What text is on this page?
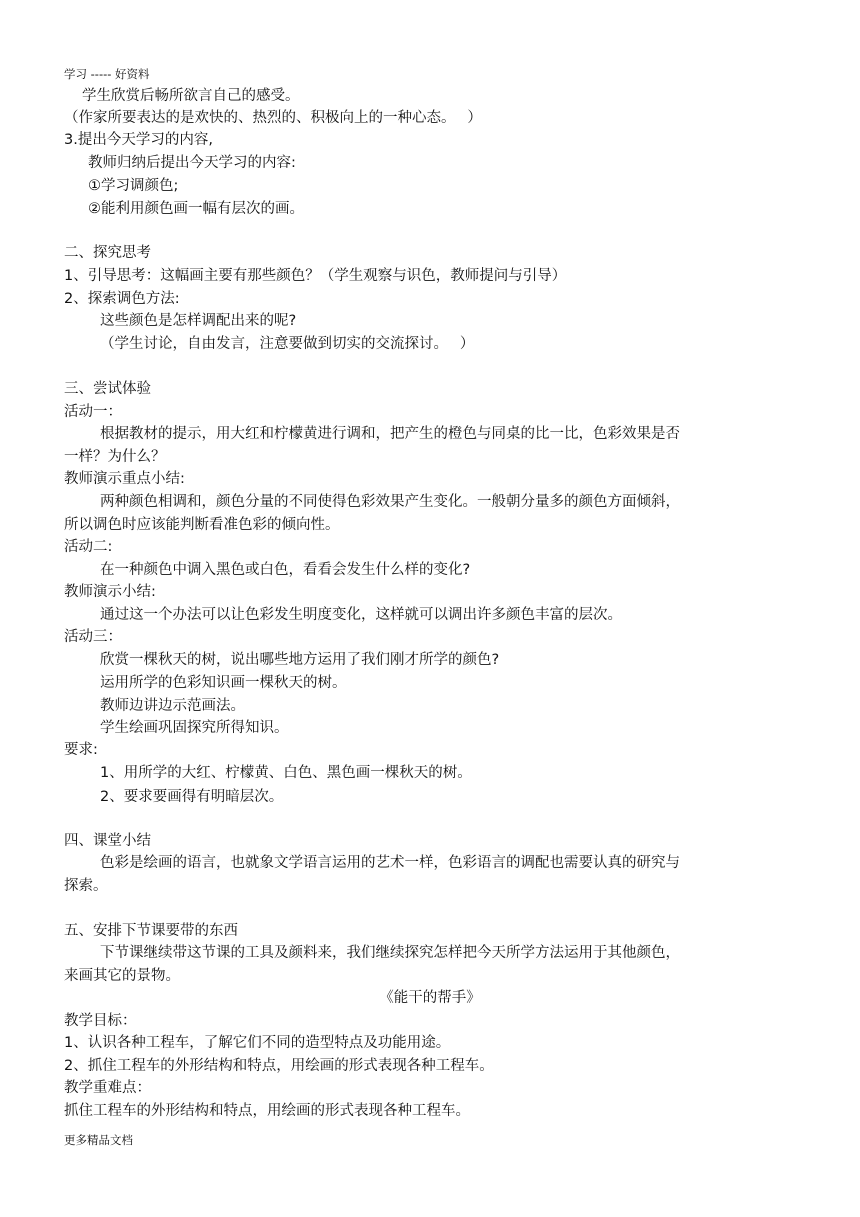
学习 ----- 好资料
学生欣赏后畅所欲言自己的感受。
（作家所要表达的是欢快的、热烈的、积极向上的一种心态。　 ）
3.提出今天学习的内容,
教师归纳后提出今天学习的内容:
①学习调颜色;
②能利用颜色画一幅有层次的画。
二、探究思考
1、引导思考：这幅画主要有那些颜色？（学生观察与识色，教师提问与引导）
2、探索调色方法:
这些颜色是怎样调配出来的呢?
（学生讨论，自由发言，注意要做到切实的交流探讨。　 ）
三、尝试体验
活动一：
根据教材的提示，用大红和柠檬黄进行调和，把产生的橙色与同桌的比一比，色彩效果是否
一样？为什么？
教师演示重点小结:
两种颜色相调和，颜色分量的不同使得色彩效果产生变化。一般朝分量多的颜色方面倾斜，
所以调色时应该能判断看准色彩的倾向性。
活动二:
在一种颜色中调入黑色或白色，看看会发生什么样的变化?
教师演示小结:
通过这一个办法可以让色彩发生明度变化，这样就可以调出许多颜色丰富的层次。
活动三：
欣赏一棵秋天的树，说出哪些地方运用了我们刚才所学的颜色?
运用所学的色彩知识画一棵秋天的树。
教师边讲边示范画法。
学生绘画巩固探究所得知识。
要求:
1、用所学的大红、柠檬黄、白色、黑色画一棵秋天的树。
2、要求要画得有明暗层次。
四、课堂小结
色彩是绘画的语言，也就象文学语言运用的艺术一样，色彩语言的调配也需要认真的研究与
探索。
五、安排下节课要带的东西
下节课继续带这节课的工具及颜料来，我们继续探究怎样把今天所学方法运用于其他颜色，
来画其它的景物。
《能干的帮手》
教学目标：
1、认识各种工程车，了解它们不同的造型特点及功能用途。
2、抓住工程车的外形结构和特点，用绘画的形式表现各种工程车。
教学重难点：
抓住工程车的外形结构和特点，用绘画的形式表现各种工程车。
更多精品文档
